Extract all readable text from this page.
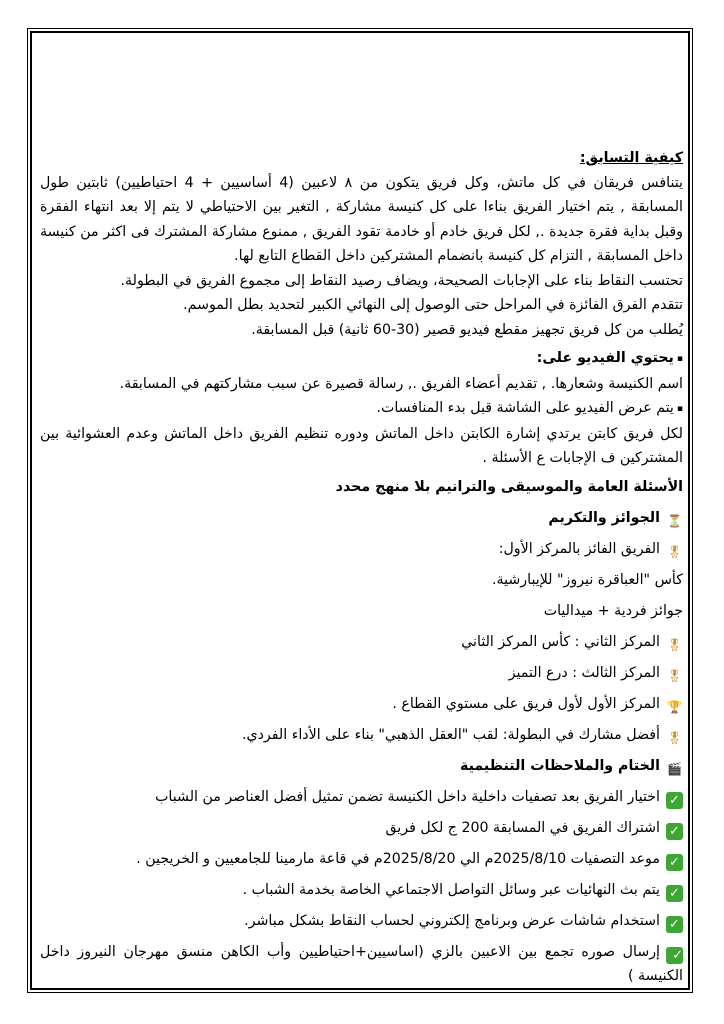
كيفية التسابق:

يتنافس فريقان في كل ماتش، وكل فريق يتكون من ٨ لاعبين (4 أساسيين + 4 احتياطيين) ثابتين طول المسابقة , يتم اختيار الفريق بناءا على كل كنيسة مشاركة , التغير بين الاحتياطي لا يتم إلا بعد انتهاء الفقرة وقبل بداية فقرة جديدة ., لكل فريق خادم أو خادمة تقود الفريق , ممنوع مشاركة المشترك فى اكثر من كنيسة داخل المسابقة , التزام كل كنيسة بانضمام المشتركين داخل القطاع التابع لها.

تحتسب النقاط بناء على الإجابات الصحيحة، ويضاف رصيد النقاط إلى مجموع الفريق في البطولة.

تتقدم الفرق الفائزة في المراحل حتى الوصول إلى النهائي الكبير لتحديد بطل الموسم.

يُطلب من كل فريق تجهيز مقطع فيديو قصير (30-60 ثانية) قبل المسابقة.

▪يحتوي الفيديو على:

اسم الكنيسة وشعارها. , تقديم أعضاء الفريق ., رسالة قصيرة عن سبب مشاركتهم في المسابقة.

▪يتم عرض الفيديو على الشاشة قبل بدء المنافسات.

لكل فريق كابتن يرتدي إشارة الكابتن داخل الماتش ودوره تنظيم الفريق داخل الماتش وعدم العشوائية بين المشتركين ف الإجابات ع الأسئلة .

الأسئلة العامة والموسيقى والترانيم بلا منهج محدد

⏳الجوائز والتكريم

🎖الفريق الفائز بالمركز الأول:

كأس "العباقرة نيروز" للإيبارشية.

جوائز فردية + ميداليات

🎖المركز الثاني : كأس المركز الثاني

🎖المركز الثالث : درع التميز

🏆المركز الأول لأول فريق على مستوي القطاع .

🎖أفضل مشارك في البطولة: لقب "العقل الذهبي" بناء على الأداء الفردي.

🎬الختام والملاحظات التنظيمية

✓اختيار الفريق بعد تصفيات داخلية داخل الكنيسة تضمن تمثيل أفضل العناصر من الشباب

✓اشتراك الفريق في المسابقة 200 ج لكل فريق

✓موعد التصفيات 2025/8/10م الي 2025/8/20م في قاعة مارمينا للجامعيين و الخريجين .

✓يتم بث النهائيات عبر وسائل التواصل الاجتماعي الخاصة بخدمة الشباب .

✓استخدام شاشات عرض وبرنامج إلكتروني لحساب النقاط بشكل مباشر.

✓إرسال صوره تجمع بين الاعبين بالزي (اساسيين+احتياطيين وأب الكاهن منسق مهرجان النيروز داخل الكنيسة )
